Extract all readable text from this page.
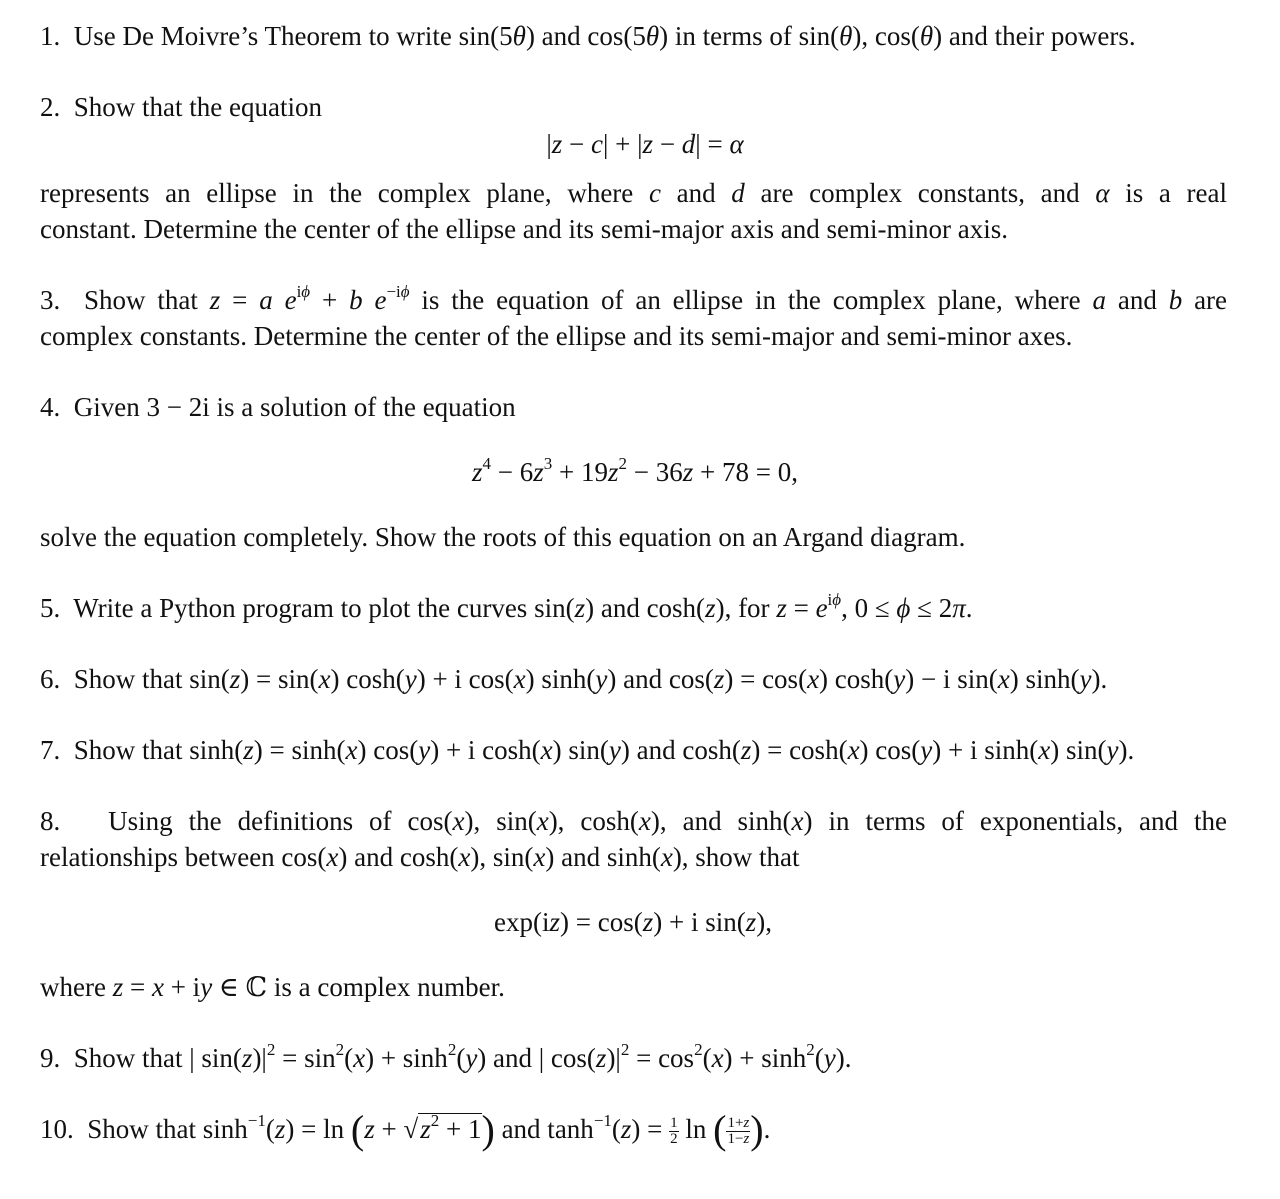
1. Use De Moivre’s Theorem to write sin(5θ) and cos(5θ) in terms of sin(θ), cos(θ) and their powers.
2. Show that the equation
|z − c| + |z − d| = α
represents an ellipse in the complex plane, where c and d are complex constants, and α is a real
constant. Determine the center of the ellipse and its semi-major axis and semi-minor axis.
3.  Show that z = a $e^{i\phi} + b$ $e^{-i\phi}$ is the equation of an ellipse in the complex plane, where a and b are
complex constants. Determine the center of the ellipse and its semi-major and semi-minor axes.
4. Given 3 − 2i is a solution of the equation
$z^4 - 6z^3 + 19z^2 - 36z + 78 = 0$,
solve the equation completely. Show the roots of this equation on an Argand diagram.
5.  Write a Python program to plot the curves sin(z) and cosh(z), for $z = e^{i\phi}$, 0 ≤ ϕ ≤ 2π.
6.  Show that sin(z) = sin(x) cosh(y) + i cos(x) sinh(y) and cos(z) = cos(x) cosh(y) − i sin(x) sinh(y).
7.  Show that sinh(z) = sinh(x) cos(y) + i cosh(x) sin(y) and cosh(z) = cosh(x) cos(y) + i sinh(x) sin(y).
8.   Using the definitions of cos(x), sin(x), cosh(x), and sinh(x) in terms of exponentials, and the
relationships between cos(x) and cosh(x), sin(x) and sinh(x), show that
exp(iz) = cos(z) + i sin(z),
where z = x + iy ∈ ℂ is a complex number.
9.  Show that | $\sin(z)|^2 = \sin^2(x) + \sinh^2(y)$ and | $\cos(z)|^2 = \cos^2(x) + \sinh^2(y)$.
10.  Show that $\sinh^{-1}(z) = \ln (z + √z^2 + 1)$ and $\tanh^{-1}(z) = \frac{1}{2}$ ln ( $\frac{1+z}{1-z}$ ).
